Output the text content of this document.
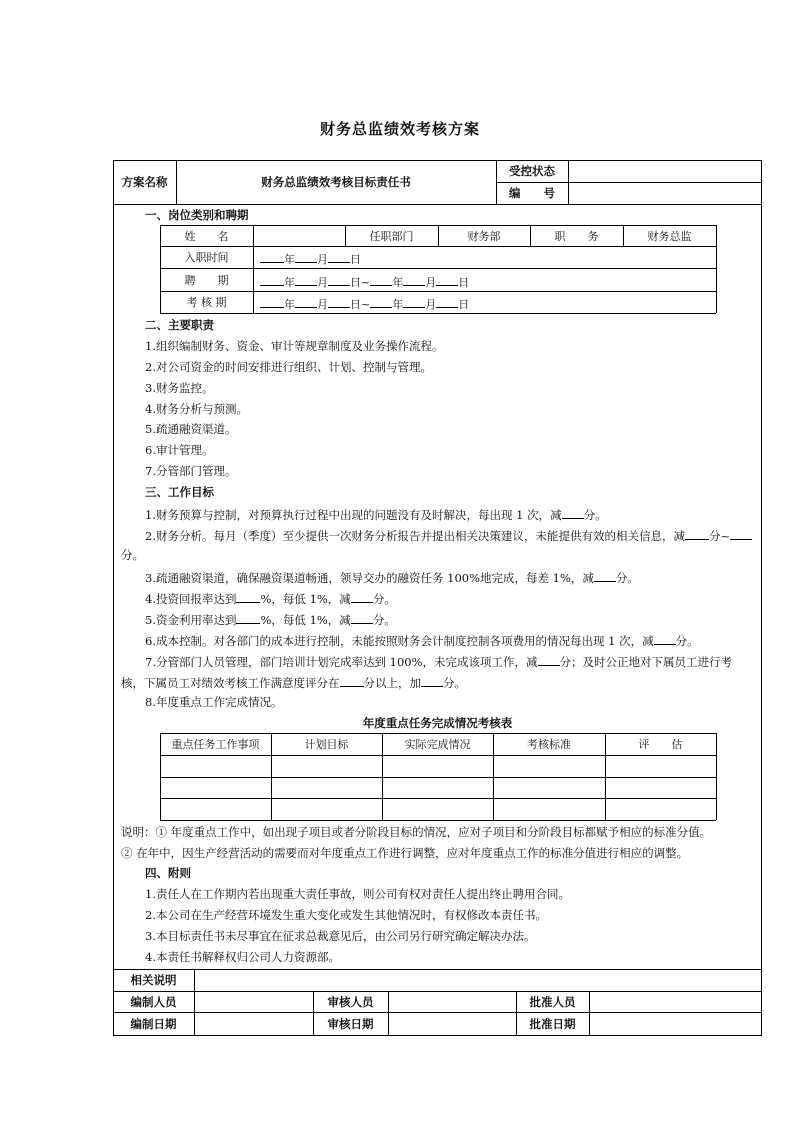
财务总监绩效考核方案
方案名称	财务总监绩效考核目标责任书
受控状态
编　　号
一、岗位类别和聘期
姓　　名	任职部门	财务部	职　　务	财务总监
入职时间	年 月 日
聘　　期	年 月 日~ 年 月 日
考 核 期	年 月 日~ 年 月 日
二、主要职责
1.组织编制财务、资金、审计等规章制度及业务操作流程。
2.对公司资金的时间安排进行组织、计划、控制与管理。
3.财务监控。
4.财务分析与预测。
5.疏通融资渠道。
6.审计管理。
7.分管部门管理。
三、工作目标
1.财务预算与控制，对预算执行过程中出现的问题没有及时解决，每出现 1 次，减 分。
2.财务分析。每月（季度）至少提供一次财务分析报告并提出相关决策建议，未能提供有效的相关信息，减 分~
分。
3.疏通融资渠道，确保融资渠道畅通，领导交办的融资任务 100%地完成，每差 1%，减 分。
4.投资回报率达到 %，每低 1%，减 分。
5.资金利用率达到 %，每低 1%，减 分。
6.成本控制。对各部门的成本进行控制，未能按照财务会计制度控制各项费用的情况每出现 1 次，减 分。
7.分管部门人员管理，部门培训计划完成率达到 100%，未完成该项工作，减 分；及时公正地对下属员工进行考
核，下属员工对绩效考核工作满意度评分在 分以上，加 分。
8.年度重点工作完成情况。
年度重点任务完成情况考核表
重点任务工作事项	计划目标	实际完成情况	考核标准	评　　估
说明：① 年度重点工作中，如出现子项目或者分阶段目标的情况，应对子项目和分阶段目标都赋予相应的标准分值。
② 在年中，因生产经营活动的需要而对年度重点工作进行调整，应对年度重点工作的标准分值进行相应的调整。
四、附则
1.责任人在工作期内若出现重大责任事故，则公司有权对责任人提出终止聘用合同。
2.本公司在生产经营环境发生重大变化或发生其他情况时，有权修改本责任书。
3.本目标责任书未尽事宜在征求总裁意见后，由公司另行研究确定解决办法。
4.本责任书解释权归公司人力资源部。
相关说明
编制人员	审核人员	批准人员
编制日期	审核日期	批准日期
